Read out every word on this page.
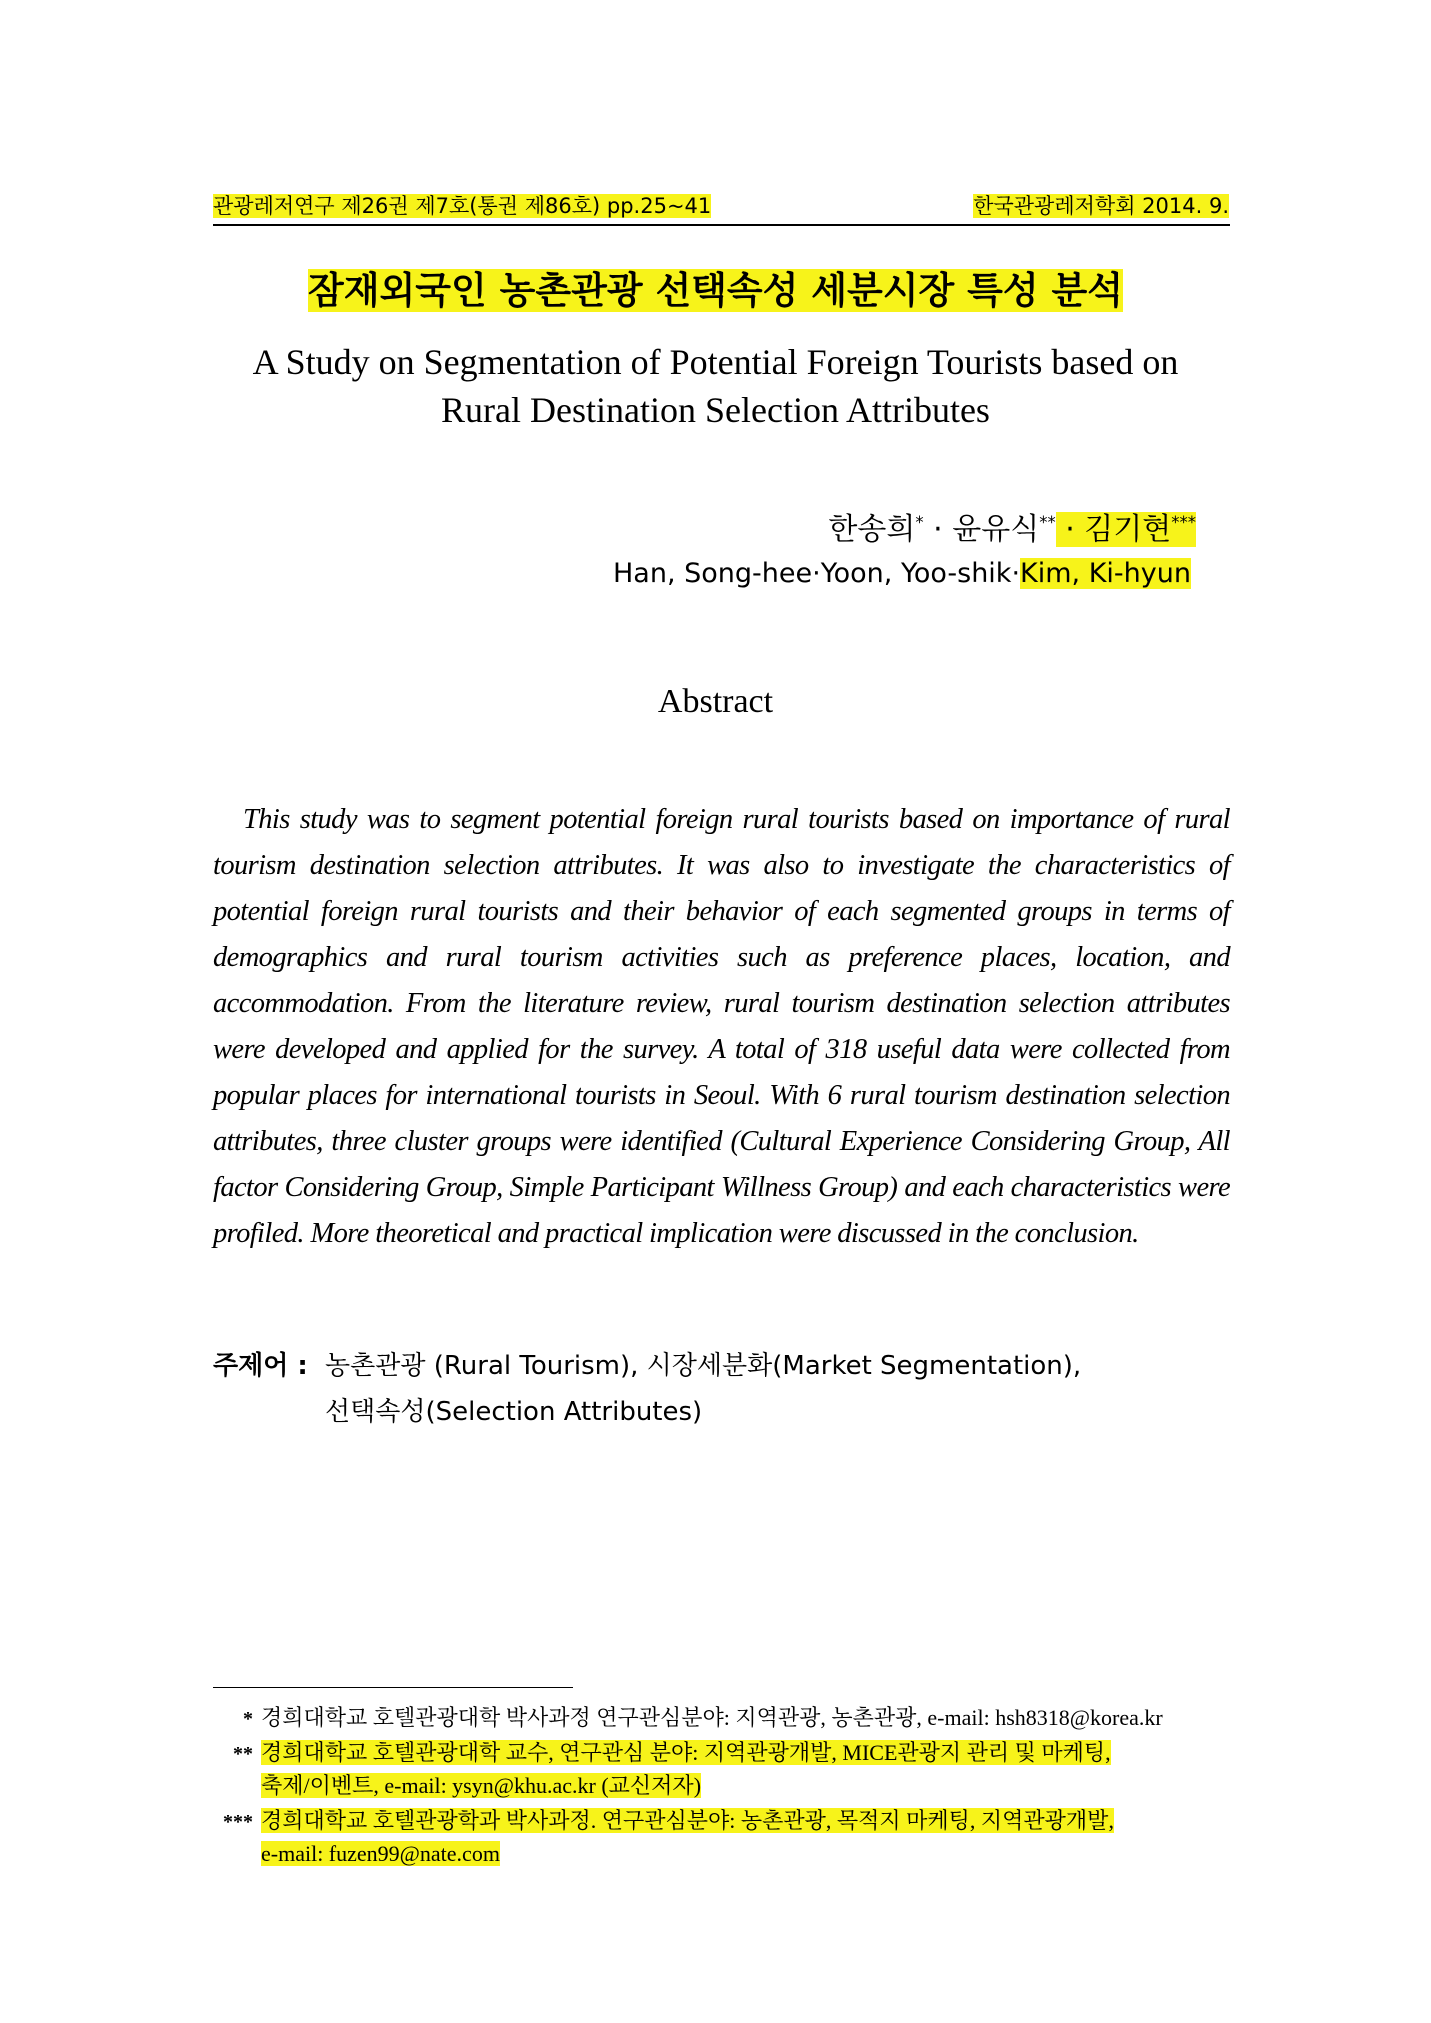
관광레저연구 제26권 제7호(통권 제86호) pp.25~41	한국관광레저학회 2014. 9.
잠재외국인 농촌관광 선택속성 세분시장 특성 분석
A Study on Segmentation of Potential Foreign Tourists based on
Rural Destination Selection Attributes
한송희* · 윤유식** · 김기현***
Han, Song-hee·Yoon, Yoo-shik·Kim, Ki-hyun
Abstract
This study was to segment potential foreign rural tourists based on importance of rural tourism destination selection attributes. It was also to investigate the characteristics of potential foreign rural tourists and their behavior of each segmented groups in terms of demographics and rural tourism activities such as preference places, location, and accommodation. From the literature review, rural tourism destination selection attributes were developed and applied for the survey. A total of 318 useful data were collected from popular places for international tourists in Seoul. With 6 rural tourism destination selection attributes, three cluster groups were identified (Cultural Experience Considering Group, All factor Considering Group, Simple Participant Willness Group) and each characteristics were profiled. More theoretical and practical implication were discussed in the conclusion.
주제어 : 농촌관광 (Rural Tourism), 시장세분화(Market Segmentation),
선택속성(Selection Attributes)
* 경희대학교 호텔관광대학 박사과정 연구관심분야: 지역관광, 농촌관광, e-mail: hsh8318@korea.kr
** 경희대학교 호텔관광대학 교수, 연구관심 분야: 지역관광개발, MICE관광지 관리 및 마케팅,
축제/이벤트, e-mail: ysyn@khu.ac.kr (교신저자)
*** 경희대학교 호텔관광학과 박사과정. 연구관심분야: 농촌관광, 목적지 마케팅, 지역관광개발,
e-mail: fuzen99@nate.com
